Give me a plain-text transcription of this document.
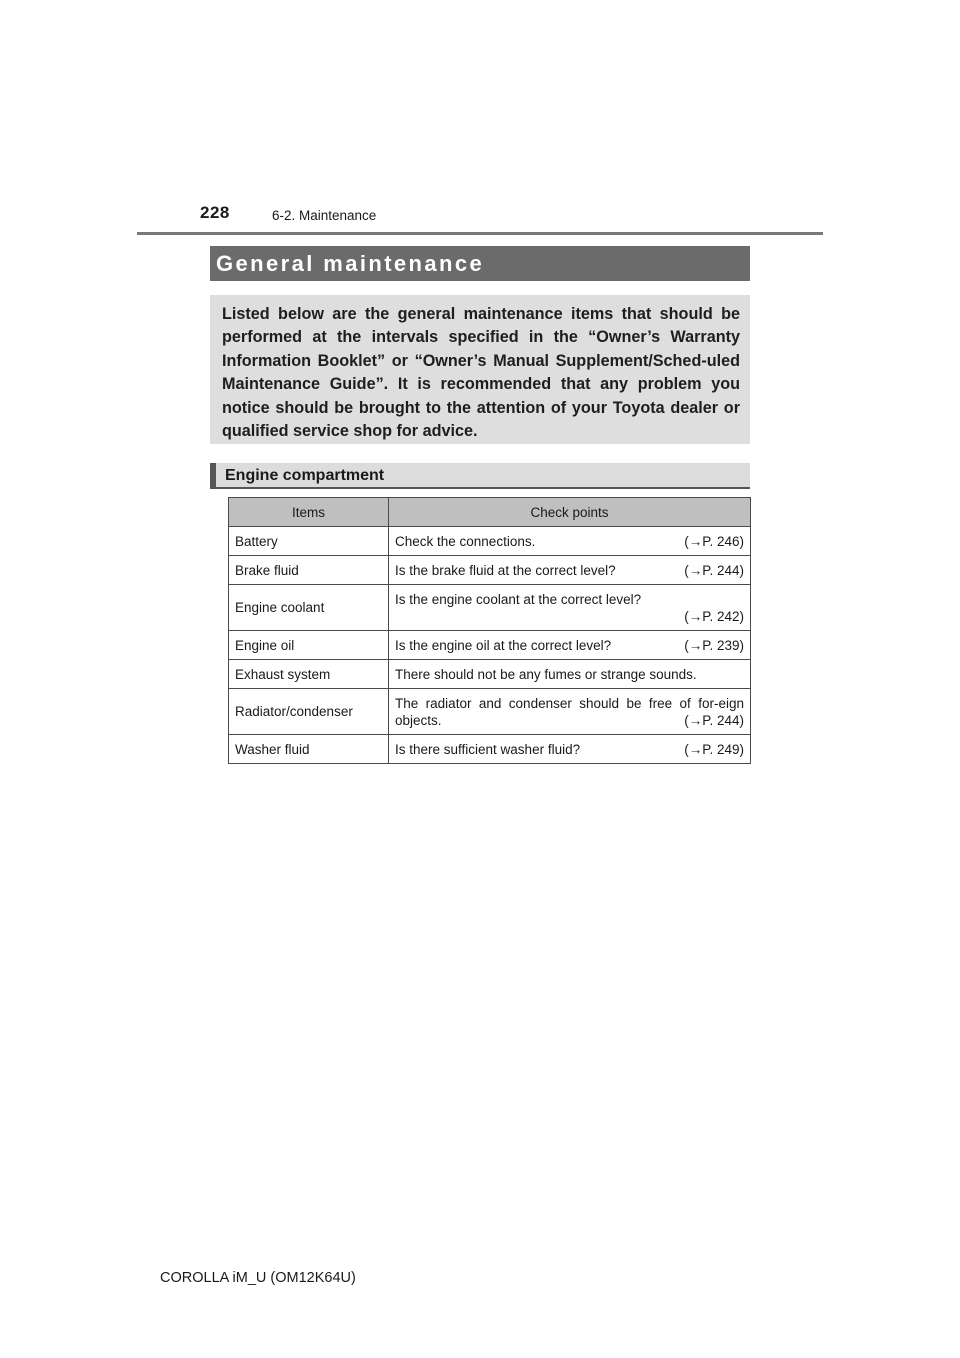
228	6-2. Maintenance
General maintenance
Listed below are the general maintenance items that should be performed at the intervals specified in the “Owner’s Warranty Information Booklet” or “Owner’s Manual Supplement/Sched-uled Maintenance Guide”. It is recommended that any problem you notice should be brought to the attention of your Toyota dealer or qualified service shop for advice.
Engine compartment
Items	Check points
Battery	Check the connections. (→P. 246)

Brake fluid	Is the brake fluid at the correct level? (→P. 244)

Engine coolant	Is the engine coolant at the correct level?
(→P. 242)

Engine oil	Is the engine oil at the correct level? (→P. 239)

Exhaust system	There should not be any fumes or strange sounds.
Radiator/condenser	The radiator and condenser should be free of for-eign objects. (→P. 244)

Washer fluid	Is there sufficient washer fluid? (→P. 249)
COROLLA iM_U (OM12K64U)
